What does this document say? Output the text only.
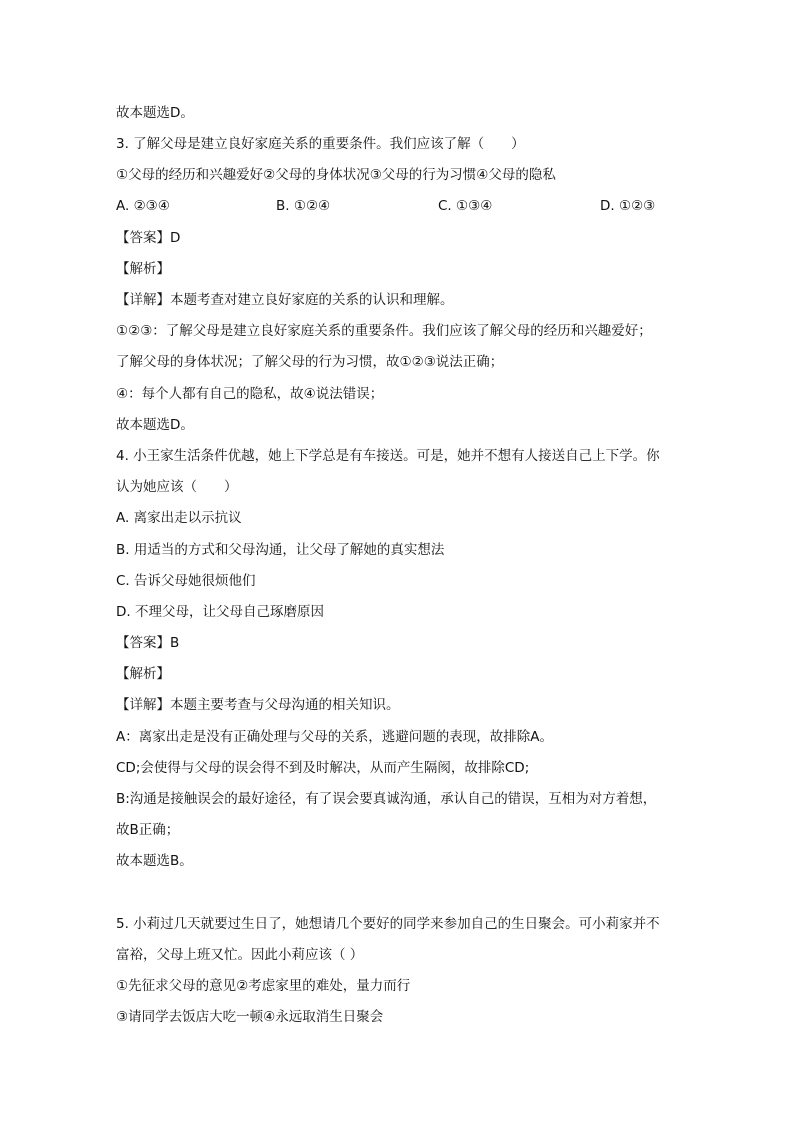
故本题选D。
3. 了解父母是建立良好家庭关系的重要条件。我们应该了解（　　）
①父母的经历和兴趣爱好②父母的身体状况③父母的行为习惯④父母的隐私
A. ②③④	B. ①②④	C. ①③④	D. ①②③
【答案】D
【解析】
【详解】本题考查对建立良好家庭的关系的认识和理解。
①②③：了解父母是建立良好家庭关系的重要条件。我们应该了解父母的经历和兴趣爱好；
了解父母的身体状况；了解父母的行为习惯，故①②③说法正确；
④：每个人都有自己的隐私，故④说法错误；
故本题选D。
4. 小王家生活条件优越，她上下学总是有车接送。可是，她并不想有人接送自己上下学。你
认为她应该（　　）
A. 离家出走以示抗议
B. 用适当的方式和父母沟通，让父母了解她的真实想法
C. 告诉父母她很烦他们
D. 不理父母，让父母自己琢磨原因
【答案】B
【解析】
【详解】本题主要考查与父母沟通的相关知识。
A：离家出走是没有正确处理与父母的关系，逃避问题的表现，故排除A。
CD;会使得与父母的误会得不到及时解决，从而产生隔阂，故排除CD;
B:沟通是接触误会的最好途径，有了误会要真诚沟通，承认自己的错误，互相为对方着想，
故B正确；
故本题选B。
5. 小莉过几天就要过生日了，她想请几个要好的同学来参加自己的生日聚会。可小莉家并不
富裕，父母上班又忙。因此小莉应该（ ）
①先征求父母的意见②考虑家里的难处，量力而行
③请同学去饭店大吃一顿④永远取消生日聚会
